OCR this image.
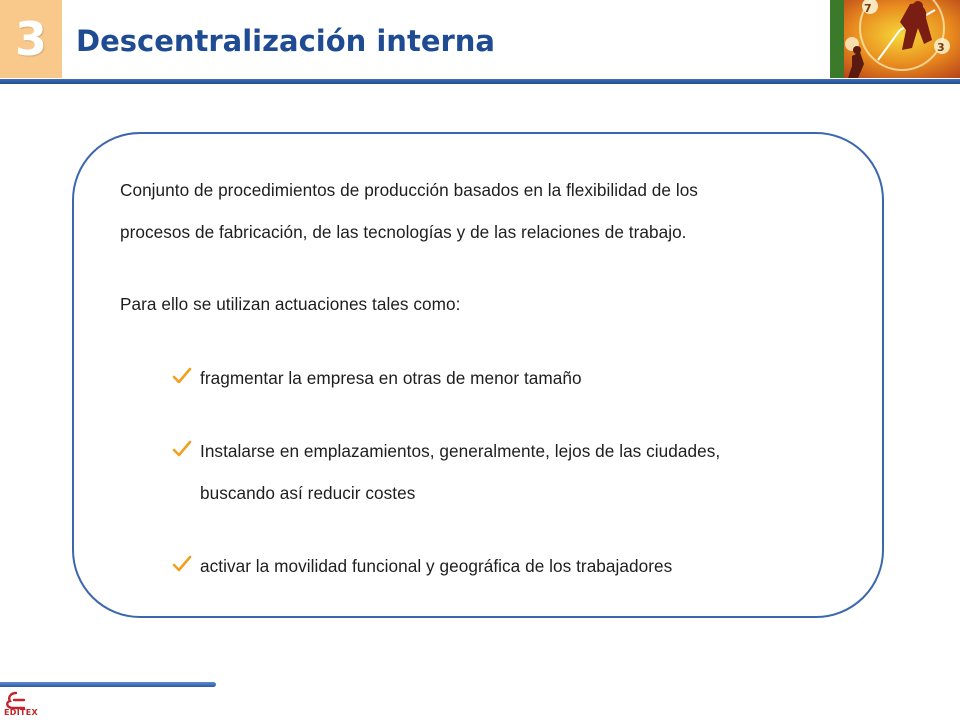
3 Descentralización interna
7
3
Conjunto de procedimientos de producción basados en la flexibilidad de los
procesos de fabricación, de las tecnologías y de las relaciones de trabajo.
Para ello se utilizan actuaciones tales como:
fragmentar la empresa en otras de menor tamaño
Instalarse en emplazamientos, generalmente, lejos de las ciudades,
buscando así reducir costes
activar la movilidad funcional y geográfica de los trabajadores
EDITEX
